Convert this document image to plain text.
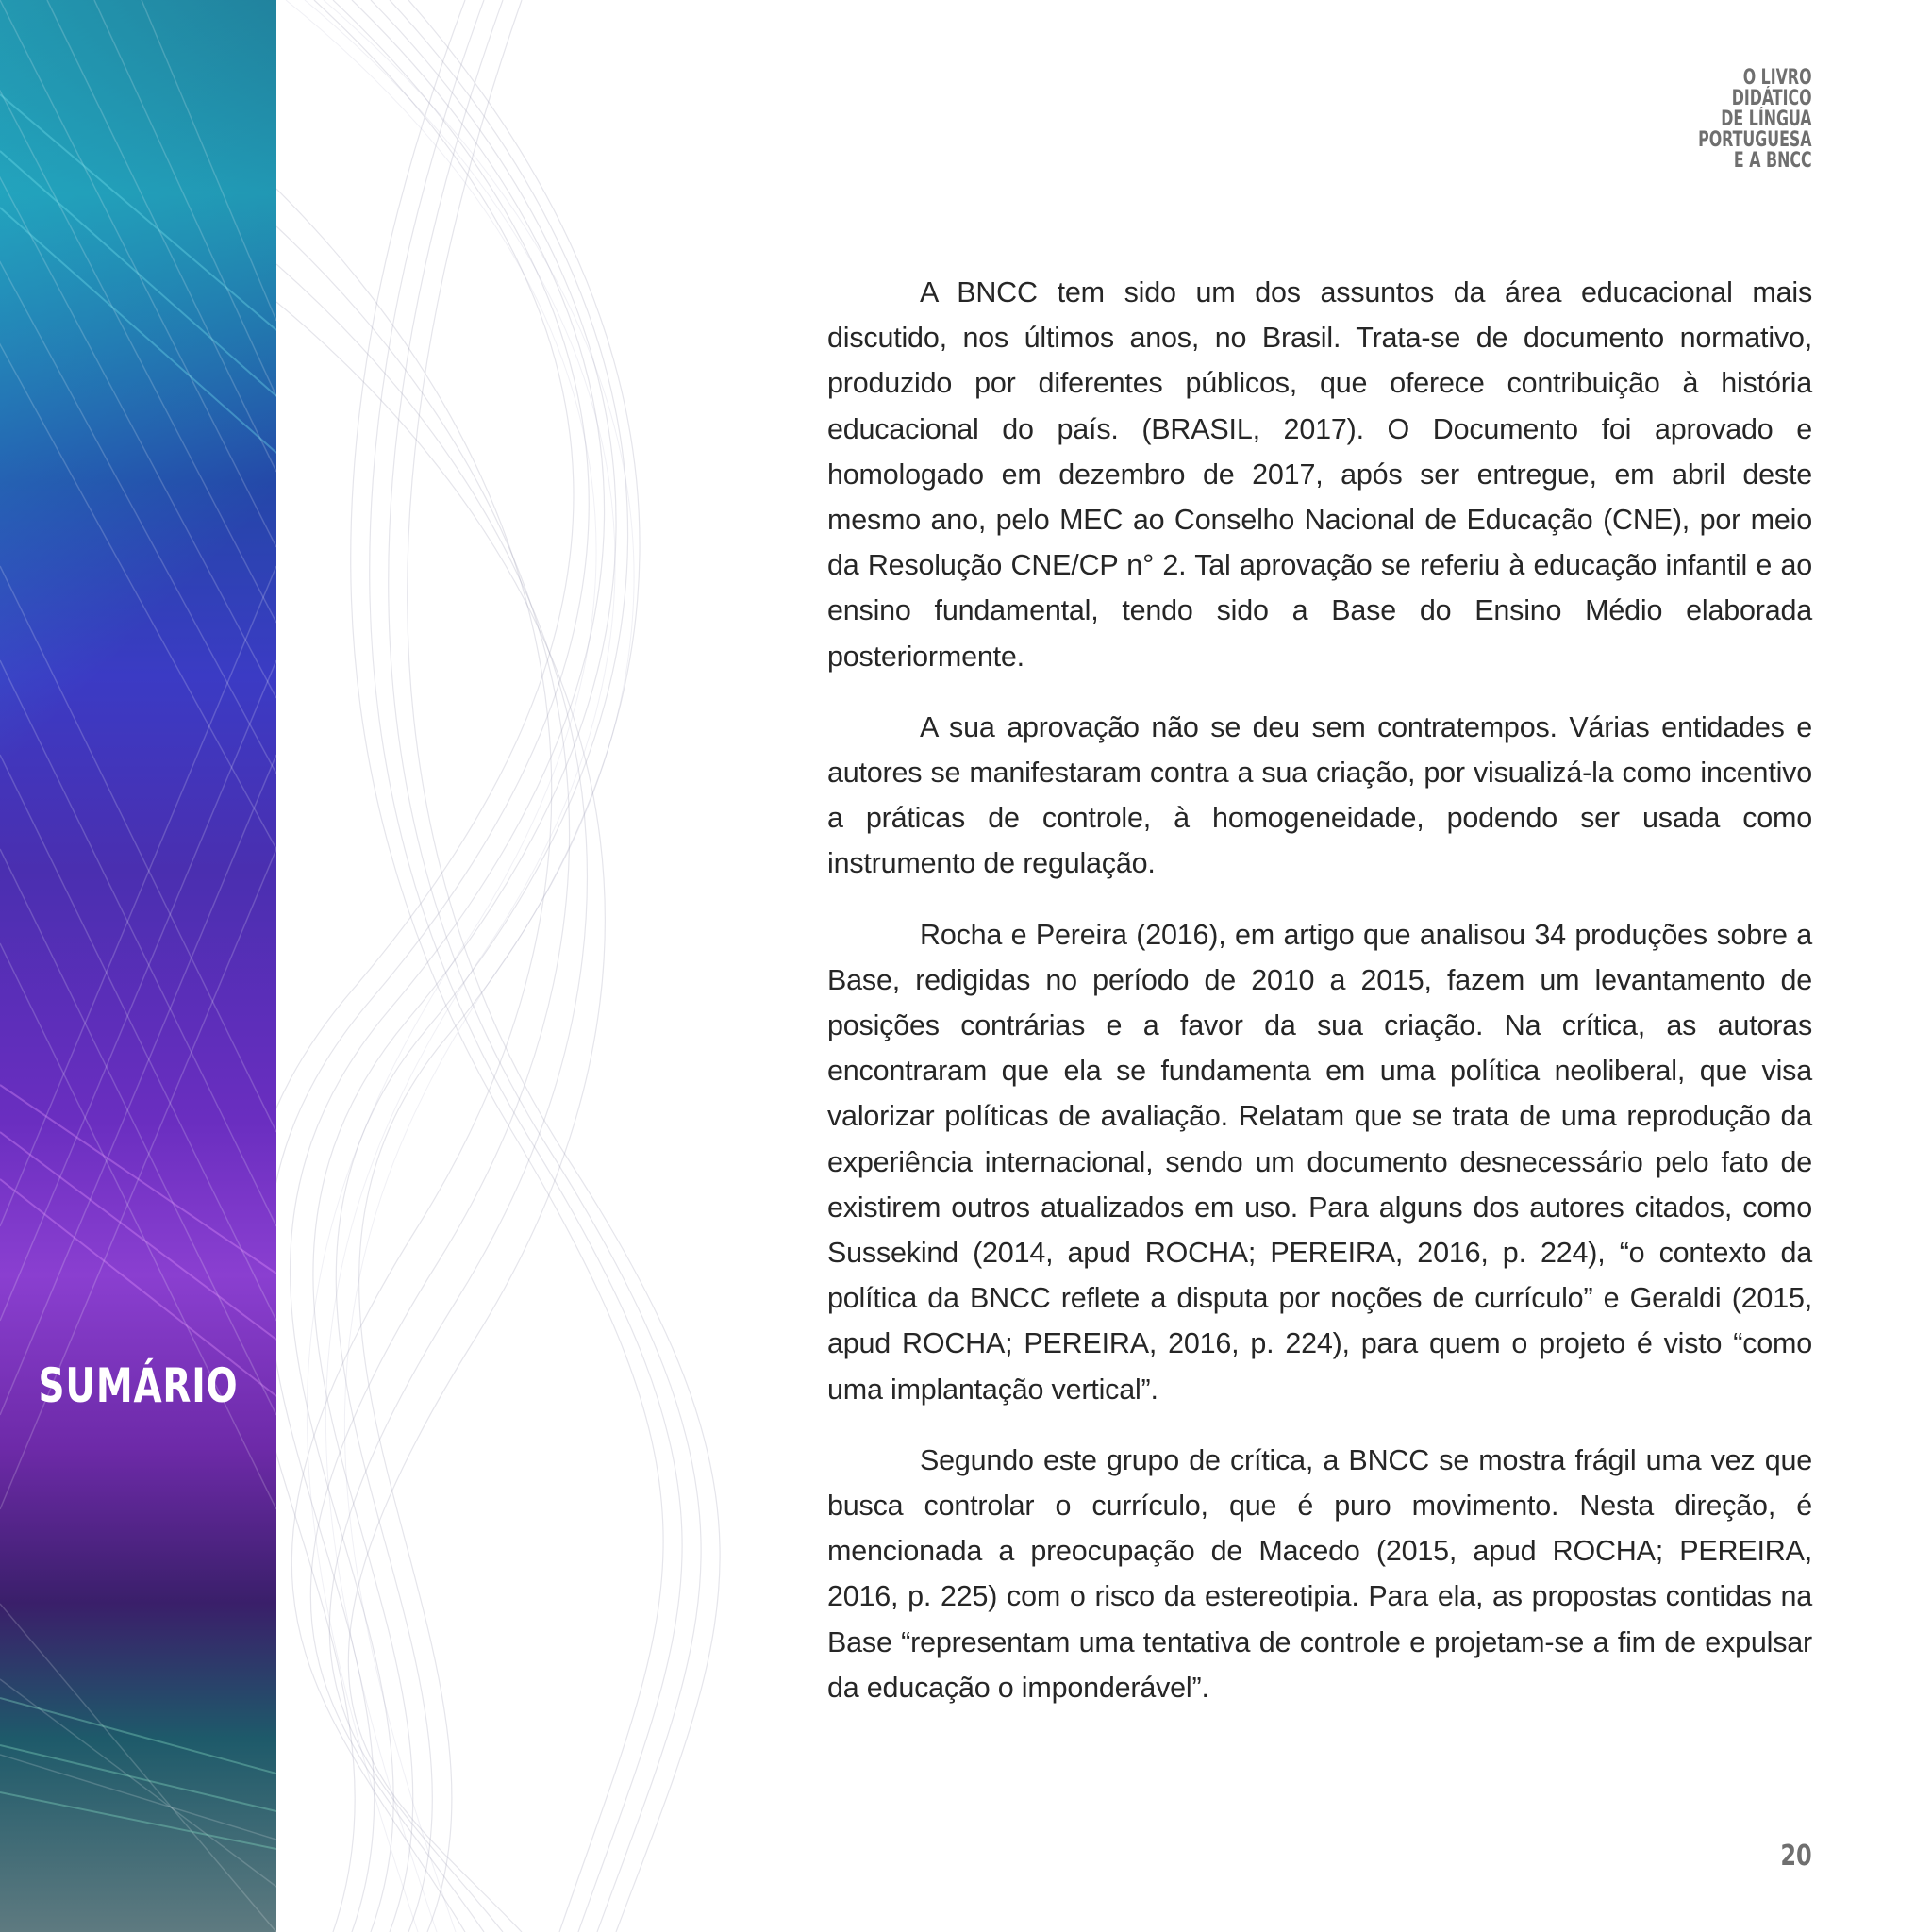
SUMÁRIO
O LIVRO
DIDÁTICO
DE LÍNGUA
PORTUGUESA
E A BNCC

A BNCC tem sido um dos assuntos da área educacional mais discutido, nos últimos anos, no Brasil. Trata-se de documento normativo, produzido por diferentes públicos, que oferece contribuição à história educacional do país. (BRASIL, 2017). O Documento foi aprovado e homologado em dezembro de 2017, após ser entregue, em abril deste mesmo ano, pelo MEC ao Conselho Nacional de Educação (CNE), por meio da Resolução CNE/CP n° 2. Tal aprovação se referiu à educação infantil e ao ensino fundamental, tendo sido a Base do Ensino Médio elaborada posteriormente.

A sua aprovação não se deu sem contratempos. Várias entidades e autores se manifestaram contra a sua criação, por visualizá-la como incentivo a práticas de controle, à homogeneidade, podendo ser usada como instrumento de regulação.

Rocha e Pereira (2016), em artigo que analisou 34 produções sobre a Base, redigidas no período de 2010 a 2015, fazem um levantamento de posições contrárias e a favor da sua criação. Na crítica, as autoras encontraram que ela se fundamenta em uma política neoliberal, que visa valorizar políticas de avaliação. Relatam que se trata de uma reprodução da experiência internacional, sendo um documento desnecessário pelo fato de existirem outros atualizados em uso. Para alguns dos autores citados, como Sussekind (2014, apud ROCHA; PEREIRA, 2016, p. 224), “o contexto da política da BNCC reflete a disputa por noções de currículo” e Geraldi (2015, apud ROCHA; PEREIRA, 2016, p. 224), para quem o projeto é visto “como uma implantação vertical”.

Segundo este grupo de crítica, a BNCC se mostra frágil uma vez que busca controlar o currículo, que é puro movimento. Nesta direção, é mencionada a preocupação de Macedo (2015, apud ROCHA; PEREIRA, 2016, p. 225) com o risco da estereotipia. Para ela, as propostas contidas na Base “representam uma tentativa de controle e projetam-se a fim de expulsar da educação o imponderável”.

20
